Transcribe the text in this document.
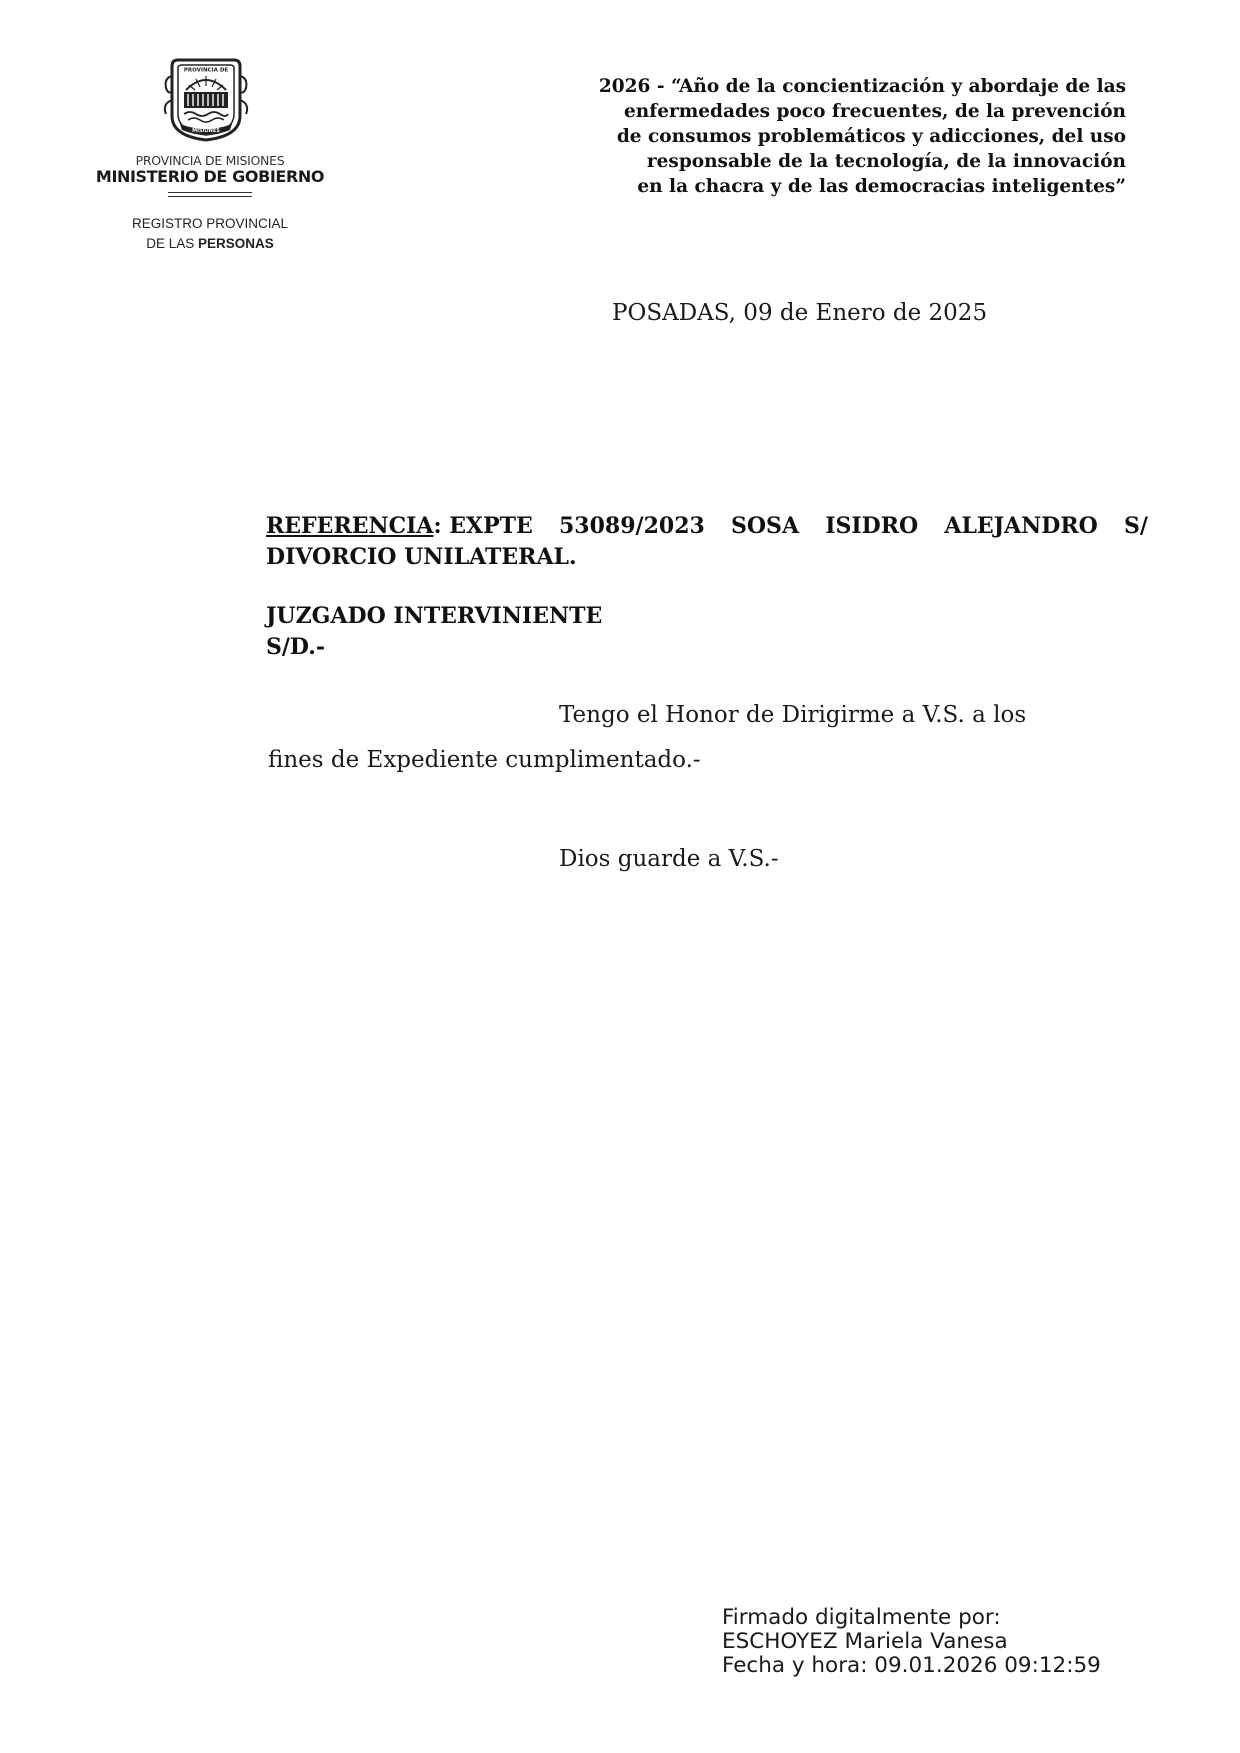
PROVINCIA DE
MISIONES
PROVINCIA DE MISIONES
MINISTERIO DE GOBIERNO
REGISTRO PROVINCIAL
DE LAS PERSONAS
2026 - “Año de la concientización y abordaje de las
enfermedades poco frecuentes, de la prevención
de consumos problemáticos y adicciones, del uso
responsable de la tecnología, de la innovación
en la chacra y de las democracias inteligentes”
POSADAS, 09 de Enero de 2025
REFERENCIA: EXPTE 53089/2023 SOSA ISIDRO ALEJANDRO S/
DIVORCIO UNILATERAL.
JUZGADO INTERVINIENTE
S/D.-
Tengo el Honor de Dirigirme a V.S. a los
fines de Expediente cumplimentado.-
Dios guarde a V.S.-
Firmado digitalmente por:
ESCHOYEZ Mariela Vanesa
Fecha y hora: 09.01.2026 09:12:59
